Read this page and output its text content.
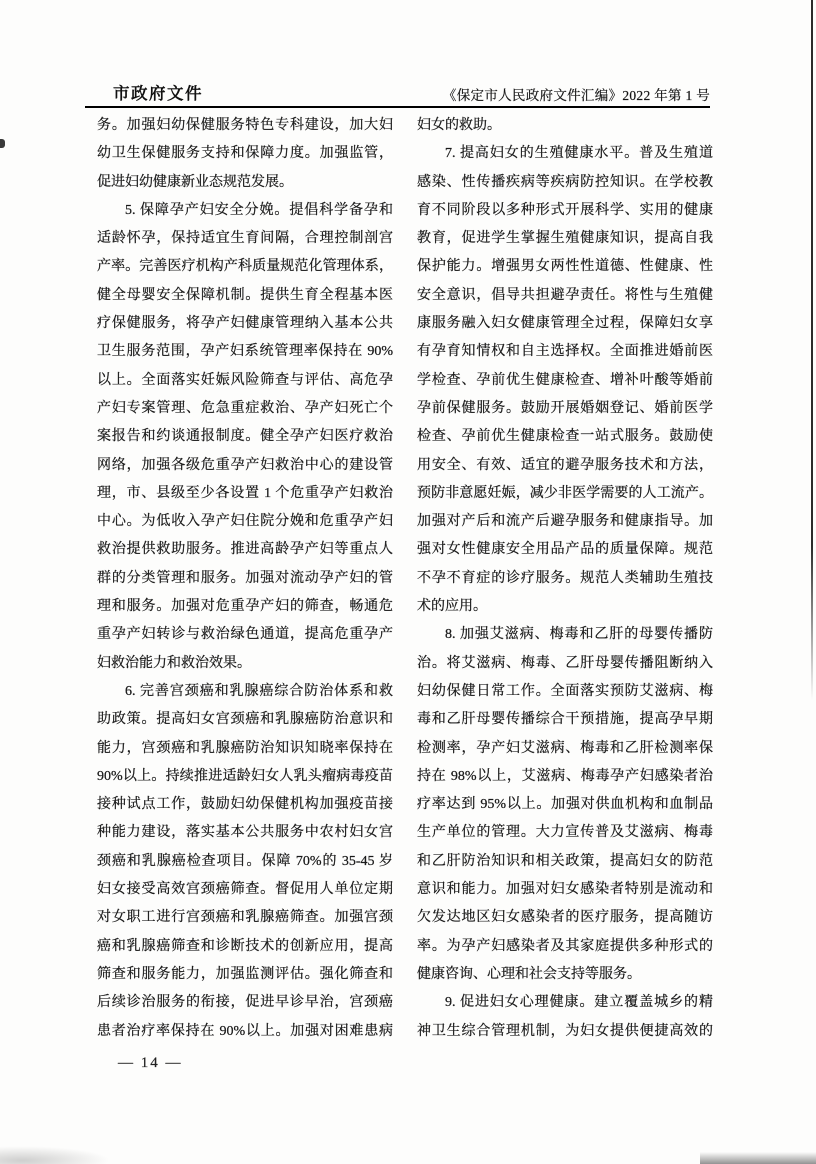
市政府文件	《保定市人民政府文件汇编》2022 年第 1 号
务。加强妇幼保健服务特色专科建设，加大妇
幼卫生保健服务支持和保障力度。加强监管，
促进妇幼健康新业态规范发展。
5. 保障孕产妇安全分娩。提倡科学备孕和
适龄怀孕，保持适宜生育间隔，合理控制剖宫
产率。完善医疗机构产科质量规范化管理体系，
健全母婴安全保障机制。提供生育全程基本医
疗保健服务，将孕产妇健康管理纳入基本公共
卫生服务范围，孕产妇系统管理率保持在 90%
以上。全面落实妊娠风险筛查与评估、高危孕
产妇专案管理、危急重症救治、孕产妇死亡个
案报告和约谈通报制度。健全孕产妇医疗救治
网络，加强各级危重孕产妇救治中心的建设管
理，市、县级至少各设置 1 个危重孕产妇救治
中心。为低收入孕产妇住院分娩和危重孕产妇
救治提供救助服务。推进高龄孕产妇等重点人
群的分类管理和服务。加强对流动孕产妇的管
理和服务。加强对危重孕产妇的筛查，畅通危
重孕产妇转诊与救治绿色通道，提高危重孕产
妇救治能力和救治效果。
6. 完善宫颈癌和乳腺癌综合防治体系和救
助政策。提高妇女宫颈癌和乳腺癌防治意识和
能力，宫颈癌和乳腺癌防治知识知晓率保持在
90%以上。持续推进适龄妇女人乳头瘤病毒疫苗
接种试点工作，鼓励妇幼保健机构加强疫苗接
种能力建设，落实基本公共服务中农村妇女宫
颈癌和乳腺癌检查项目。保障 70%的 35-45 岁
妇女接受高效宫颈癌筛查。督促用人单位定期
对女职工进行宫颈癌和乳腺癌筛查。加强宫颈
癌和乳腺癌筛查和诊断技术的创新应用，提高
筛查和服务能力，加强监测评估。强化筛查和
后续诊治服务的衔接，促进早诊早治，宫颈癌
患者治疗率保持在 90%以上。加强对困难患病
妇女的救助。
7. 提高妇女的生殖健康水平。普及生殖道
感染、性传播疾病等疾病防控知识。在学校教
育不同阶段以多种形式开展科学、实用的健康
教育，促进学生掌握生殖健康知识，提高自我
保护能力。增强男女两性性道德、性健康、性
安全意识，倡导共担避孕责任。将性与生殖健
康服务融入妇女健康管理全过程，保障妇女享
有孕育知情权和自主选择权。全面推进婚前医
学检查、孕前优生健康检查、增补叶酸等婚前
孕前保健服务。鼓励开展婚姻登记、婚前医学
检查、孕前优生健康检查一站式服务。鼓励使
用安全、有效、适宜的避孕服务技术和方法，
预防非意愿妊娠，减少非医学需要的人工流产。
加强对产后和流产后避孕服务和健康指导。加
强对女性健康安全用品产品的质量保障。规范
不孕不育症的诊疗服务。规范人类辅助生殖技
术的应用。
8. 加强艾滋病、梅毒和乙肝的母婴传播防
治。将艾滋病、梅毒、乙肝母婴传播阻断纳入
妇幼保健日常工作。全面落实预防艾滋病、梅
毒和乙肝母婴传播综合干预措施，提高孕早期
检测率，孕产妇艾滋病、梅毒和乙肝检测率保
持在 98%以上，艾滋病、梅毒孕产妇感染者治
疗率达到 95%以上。加强对供血机构和血制品
生产单位的管理。大力宣传普及艾滋病、梅毒
和乙肝防治知识和相关政策，提高妇女的防范
意识和能力。加强对妇女感染者特别是流动和
欠发达地区妇女感染者的医疗服务，提高随访
率。为孕产妇感染者及其家庭提供多种形式的
健康咨询、心理和社会支持等服务。
9. 促进妇女心理健康。建立覆盖城乡的精
神卫生综合管理机制，为妇女提供便捷高效的
— 14 —
